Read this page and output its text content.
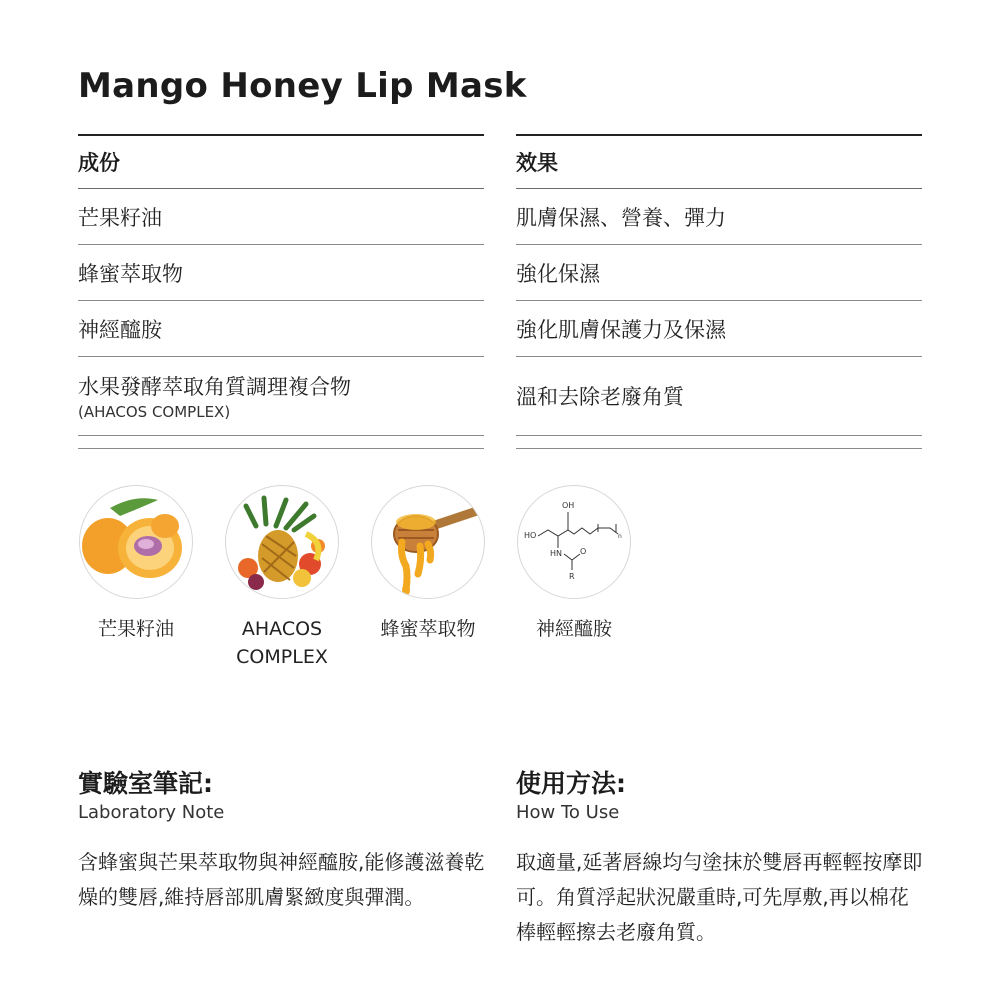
Mango Honey Lip Mask
成份
芒果籽油
蜂蜜萃取物
神經醯胺
水果發酵萃取角質調理複合物
(AHACOS COMPLEX)
效果
肌膚保濕、營養、彈力
強化保濕
強化肌膚保護力及保濕
溫和去除老廢角質
芒果籽油	AHACOS
COMPLEX
蜂蜜萃取物
OH
HO	n
HN O
R
神經醯胺
實驗室筆記:
Laboratory Note
含蜂蜜與芒果萃取物與神經醯胺,能修護滋養乾燥的雙唇,維持唇部肌膚緊緻度與彈潤。
使用方法:
How To Use
取適量,延著唇線均勻塗抹於雙唇再輕輕按摩即可。角質浮起狀況嚴重時,可先厚敷,再以棉花棒輕輕擦去老廢角質。
